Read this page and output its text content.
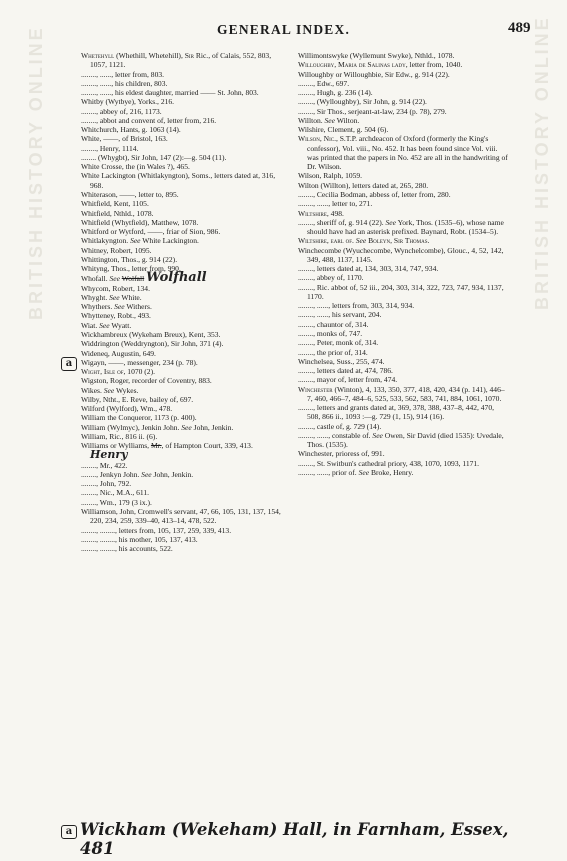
GENERAL INDEX.	489
BRITISH HISTORY ONLINE	BRITISH HISTORY ONLINE
Whetehyll (Whethill, Whetehill), Sir Ric., of Calais, 552, 803, 1057, 1121.
........, ......, letter from, 803.
........, ......, his children, 803.
........, ......, his eldest daughter, married —— St. John, 803.
Whitby (Wytbye), Yorks., 216.
........, abbey of, 216, 1173.
........, abbot and convent of, letter from, 216.
Whitchurch, Hants, g. 1063 (14).
White, ——, of Bristol, 163.
........, Henry, 1114.
........ (Whygbt), Sir John, 147 (2):—g. 504 (11).
White Crosse, the (in Wales ?), 465.
White Lackington (Whitlakyngton), Soms., letters dated at, 316, 968.
Whiterason, ——, letter to, 895.
Whitfield, Kent, 1105.
Whitfield, Nthld., 1078.
Whitfield (Whytfield), Matthew, 1078.
Whitford or Wytford, ——, friar of Sion, 986.
Whitlakyngton. See White Lackington.
Whitney, Robert, 1095.
Whittington, Thos., g. 914 (22).
Whityng, Thos., letter from, 990.
Whofall. See Wolfall Wolfhall
Whycom, Robert, 134.
Whyght. See White.
Whythers. See Withers.
Whytteney, Robt., 493.
Wiat. See Wyatt.
Wickhambreux (Wykeham Breux), Kent, 353.
Widdrington (Weddryngton), Sir John, 371 (4).
Wideneq, Augustin, 649.
Wigayn, ——, messenger, 234 (p. 78).
Wight, Isle of, 1070 (2).
Wigston, Roger, recorder of Coventry, 883.
Wikes. See Wykes.
Wilby, Ntht., E. Reve, bailey of, 697.
Wilford (Wylford), Wm., 478.
William the Conqueror, 1173 (p. 400).
William (Wylmyc), Jenkin John. See John, Jenkin.
William, Ric., 816 ii. (6).
Williams or Wylliams, Mr., of Hampton Court, 339, 413. Henry
........, Mr., 422.
........, Jenkyn John. See John, Jenkin.
........, John, 792.
........, Nic., M.A., 611.
........, Wm., 179 (3 ix.).
Williamson, John, Cromwell's servant, 47, 66, 105, 131, 137, 154, 220, 234, 259, 339–40, 413–14, 478, 522.
........, ........, letters from, 105, 137, 259, 339, 413.
........, ........, his mother, 105, 137, 413.
........, ........, his accounts, 522.
Willimontswyke (Wyllemunt Swyke), Nthld., 1078.
Willoughby, Maria de Salinas lady, letter from, 1040.
Willoughby or Willoughbie, Sir Edw., g. 914 (22).
........, Edw., 697.
........, Hugh, g. 236 (14).
........, (Wylloughby), Sir John, g. 914 (22).
........, Sir Thos., serjeant-at-law, 234 (p. 78), 279.
Willton. See Wilton.
Wilshire, Clement, g. 504 (6).
Wilson, Nic., S.T.P. archdeacon of Oxford (formerly the King's confessor), Vol. viii., No. 452. It has been found since Vol. viii. was printed that the papers in No. 452 are all in the handwriting of Dr. Wilson.
Wilson, Ralph, 1059.
Wilton (Willton), letters dated at, 265, 280.
........, Cecilia Bodman, abbess of, letter from, 280.
........, ......, letter to, 271.
Wiltshire, 498.
........, sheriff of, g. 914 (22). See York, Thos. (1535–6), whose name should have had an asterisk prefixed. Baynard, Robt. (1534–5).
Wiltshire, earl of. See Boleyn, Sir Thomas.
Winchecombe (Wyuchecombe, Wynchelcombe), Glouc., 4, 52, 142, 349, 488, 1137, 1145.
........, letters dated at, 134, 303, 314, 747, 934.
........, abbey of, 1170.
........, Ric. abbot of, 52 iii., 204, 303, 314, 322, 723, 747, 934, 1137, 1170.
........, ......, letters from, 303, 314, 934.
........, ......, his servant, 204.
........, chauntor of, 314.
........, monks of, 747.
........, Peter, monk of, 314.
........, the prior of, 314.
Winchelsea, Suss., 255, 474.
........, letters dated at, 474, 786.
........, mayor of, letter from, 474.
Winchester (Winton), 4, 133, 350, 377, 418, 420, 434 (p. 141), 446–7, 460, 466–7, 484–6, 525, 533, 562, 583, 741, 884, 1061, 1070.
........, letters and grants dated at, 369, 378, 388, 437–8, 442, 470, 508, 866 ii., 1093 :—g. 729 (1, 15), 914 (16).
........, castle of, g. 729 (14).
........, ......, constable of. See Owen, Sir David (died 1535): Uvedale, Thos. (1535).
Winchester, prioress of, 991.
........, St. Switbun's cathedral priory, 438, 1070, 1093, 1171.
........, ......, prior of. See Broke, Henry.
a
a Wickham (Wekeham) Hall, in Farnham, Essex, 481
